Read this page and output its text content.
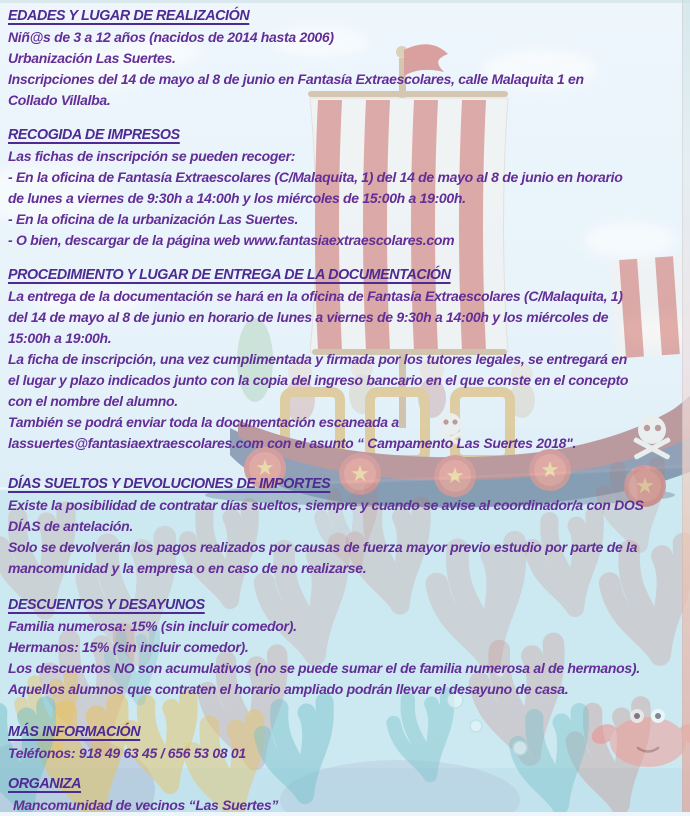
★	★	★	★
★
EDADES Y LUGAR DE REALIZACIÓN
Niñ@s de 3 a 12 años (nacidos de 2014 hasta 2006)
Urbanización Las Suertes.
Inscripciones del 14 de mayo al 8 de junio en Fantasía Extraescolares, calle Malaquita 1 en
Collado Villalba.
RECOGIDA DE IMPRESOS
Las fichas de inscripción se pueden recoger:
- En la oficina de Fantasía Extraescolares (C/Malaquita, 1) del 14 de mayo al 8 de junio en horario
de lunes a viernes de 9:30h a 14:00h y los miércoles de 15:00h a 19:00h.
- En la oficina de la urbanización Las Suertes.
- O bien, descargar de la página web www.fantasiaextraescolares.com
PROCEDIMIENTO Y LUGAR DE ENTREGA DE LA DOCUMENTACIÓN
La entrega de la documentación se hará en la oficina de Fantasía Extraescolares (C/Malaquita, 1)
del 14 de mayo al 8 de junio en horario de lunes a viernes de 9:30h a 14:00h y los miércoles de
15:00h a 19:00h.
La ficha de inscripción, una vez cumplimentada y firmada por los tutores legales, se entregará en
el lugar y plazo indicados junto con la copia del ingreso bancario en el que conste en el concepto
con el nombre del alumno.
También se podrá enviar toda la documentación escaneada a
lassuertes@fantasiaextraescolares.com con el asunto “ Campamento Las Suertes 2018".
DÍAS SUELTOS Y DEVOLUCIONES DE IMPORTES
Existe la posibilidad de contratar días sueltos, siempre y cuando se avise al coordinador/a con DOS
DÍAS de antelación.
Solo se devolverán los pagos realizados por causas de fuerza mayor previo estudio por parte de la
mancomunidad y la empresa o en caso de no realizarse.
DESCUENTOS Y DESAYUNOS
Familia numerosa: 15% (sin incluir comedor).
Hermanos: 15% (sin incluir comedor).
Los descuentos NO son acumulativos (no se puede sumar el de familia numerosa al de hermanos).
Aquellos alumnos que contraten el horario ampliado podrán llevar el desayuno de casa.
MÁS INFORMACIÓN
Teléfonos: 918 49 63 45 / 656 53 08 01
ORGANIZA
Mancomunidad de vecinos “Las Suertes”
